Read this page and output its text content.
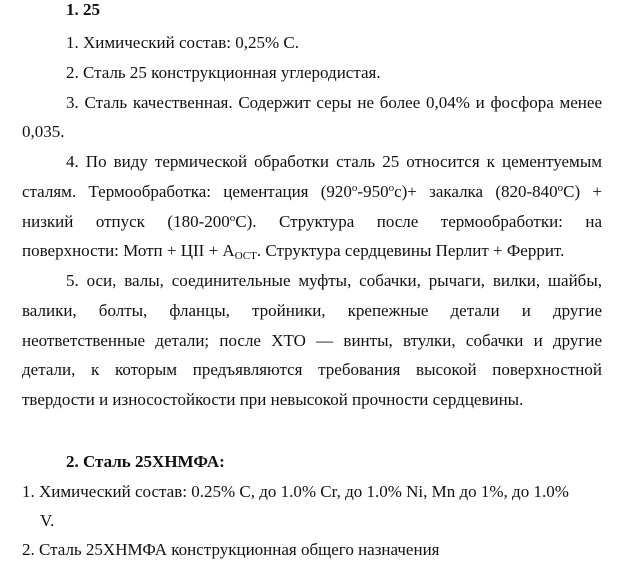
1. 25
1. Химический состав: 0,25% С.
2. Сталь 25 конструкционная углеродистая.
3. Сталь качественная. Содержит серы не более 0,04% и фосфора менее
0,035.
4. По виду термической обработки сталь 25 относится к цементуемым
сталям. Термообработка: цементация $(920^о-950^ос)+$ закалка $(820-840^оС)$ +
низкий отпуск $(180-200^оС)$. Структура после термообработки: на
поверхности: Мотп + ЦII + $А_{ОСТ}$. Структура сердцевины Перлит + Феррит.
5. оси, валы, соединительные муфты, собачки, рычаги, вилки, шайбы,
валики, болты, фланцы, тройники, крепежные детали и другие
неответственные детали; после ХТО — винты, втулки, собачки и другие
детали, к которым предъявляются требования высокой поверхностной
твердости и износостойкости при невысокой прочности сердцевины.
2. Сталь 25ХНМФА:
1. Химический состав: 0.25% С, до 1.0% Cr, до 1.0% Ni, Mn до 1%, до 1.0%
V.
2. Сталь 25ХНМФА конструкционная общего назначения
